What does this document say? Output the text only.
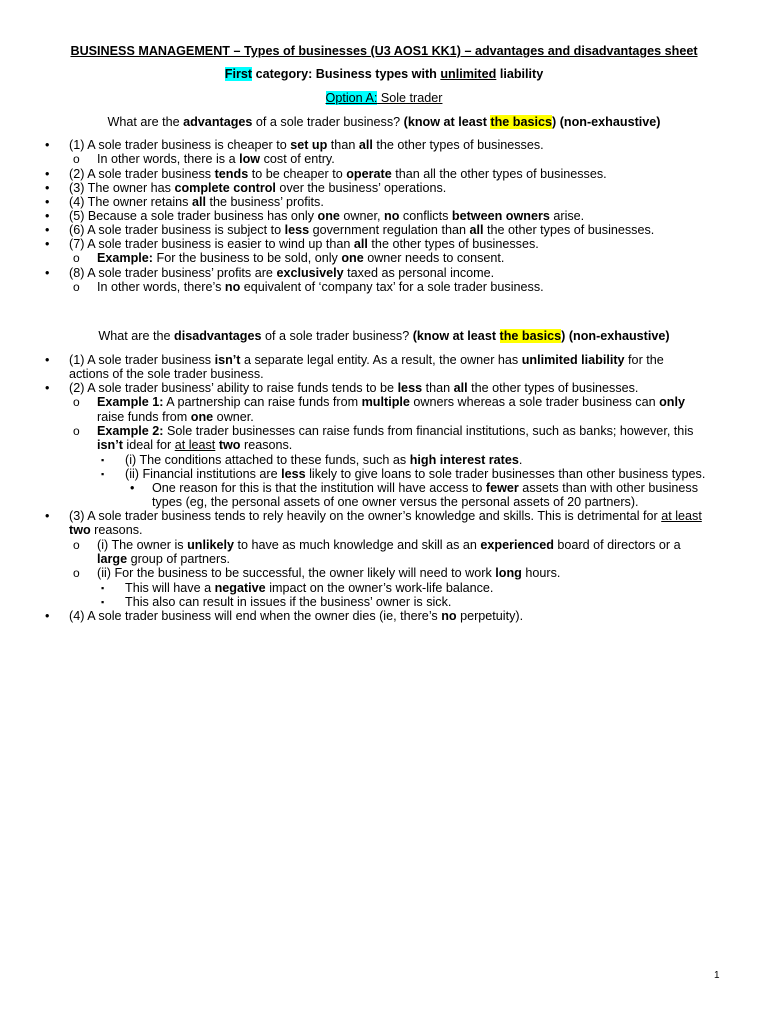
BUSINESS MANAGEMENT – Types of businesses (U3 AOS1 KK1) – advantages and disadvantages sheet
First category: Business types with unlimited liability
Option A: Sole trader
What are the advantages of a sole trader business? (know at least the basics) (non-exhaustive)
• (1) A sole trader business is cheaper to set up than all the other types of businesses.
o In other words, there is a low cost of entry.
• (2) A sole trader business tends to be cheaper to operate than all the other types of businesses.
• (3) The owner has complete control over the business’ operations.
• (4) The owner retains all the business’ profits.
• (5) Because a sole trader business has only one owner, no conflicts between owners arise.
• (6) A sole trader business is subject to less government regulation than all the other types of businesses.
• (7) A sole trader business is easier to wind up than all the other types of businesses.
o Example: For the business to be sold, only one owner needs to consent.
• (8) A sole trader business’ profits are exclusively taxed as personal income.
o In other words, there’s no equivalent of ‘company tax’ for a sole trader business.
What are the disadvantages of a sole trader business? (know at least the basics) (non-exhaustive)
• (1) A sole trader business isn’t a separate legal entity. As a result, the owner has unlimited liability for the
actions of the sole trader business.
• (2) A sole trader business’ ability to raise funds tends to be less than all the other types of businesses.
o Example 1: A partnership can raise funds from multiple owners whereas a sole trader business can only
raise funds from one owner.
o Example 2: Sole trader businesses can raise funds from financial institutions, such as banks; however, this
isn’t ideal for at least two reasons.
▪ (i) The conditions attached to these funds, such as high interest rates.
▪ (ii) Financial institutions are less likely to give loans to sole trader businesses than other business types.
• One reason for this is that the institution will have access to fewer assets than with other business
types (eg, the personal assets of one owner versus the personal assets of 20 partners).
• (3) A sole trader business tends to rely heavily on the owner’s knowledge and skills. This is detrimental for at least
two reasons.
o (i) The owner is unlikely to have as much knowledge and skill as an experienced board of directors or a
large group of partners.
o (ii) For the business to be successful, the owner likely will need to work long hours.
▪ This will have a negative impact on the owner’s work-life balance.
▪ This also can result in issues if the business’ owner is sick.
• (4) A sole trader business will end when the owner dies (ie, there’s no perpetuity).
1
